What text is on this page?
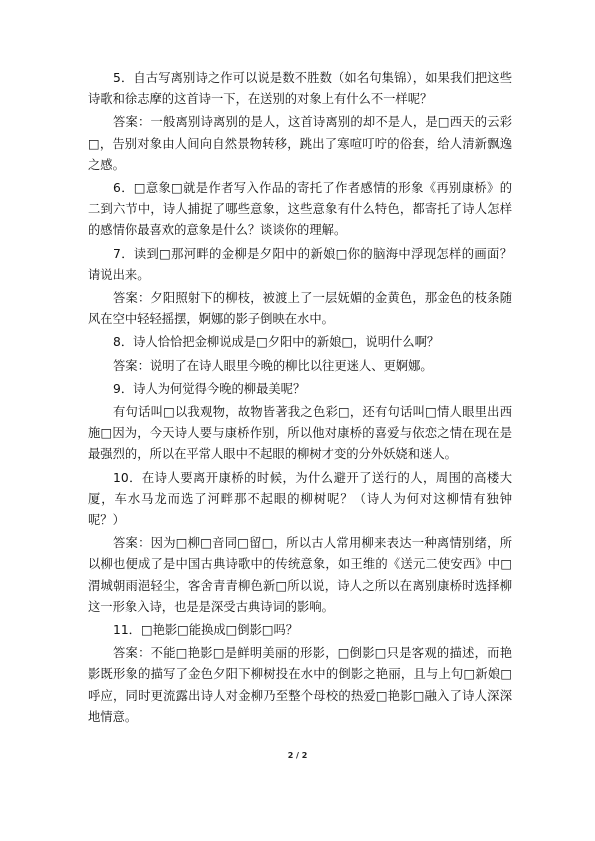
5．自古写离别诗之作可以说是数不胜数（如名句集锦），如果我们把这些诗歌和徐志摩的这首诗一下，在送别的对象上有什么不一样呢？

答案：一般离别诗离别的是人，这首诗离别的却不是人，是□西天的云彩□，告别对象由人间向自然景物转移，跳出了寒喧叮咛的俗套，给人清新飘逸之感。

6．□意象□就是作者写入作品的寄托了作者感情的形象《再别康桥》的二到六节中，诗人捕捉了哪些意象，这些意象有什么特色，都寄托了诗人怎样的感情你最喜欢的意象是什么？谈谈你的理解。

7．读到□那河畔的金柳是夕阳中的新娘□你的脑海中浮现怎样的画面？请说出来。

答案：夕阳照射下的柳枝，被渡上了一层妩媚的金黄色，那金色的枝条随风在空中轻轻摇摆，婀娜的影子倒映在水中。

8．诗人恰恰把金柳说成是□夕阳中的新娘□，说明什么啊？

答案：说明了在诗人眼里今晚的柳比以往更迷人、更婀娜。

9．诗人为何觉得今晚的柳最美呢？

有句话叫□以我观物，故物皆著我之色彩□，还有句话叫□情人眼里出西施□因为，今天诗人要与康桥作别，所以他对康桥的喜爱与依恋之情在现在是最强烈的，所以在平常人眼中不起眼的柳树才变的分外妖娆和迷人。

10．在诗人要离开康桥的时候，为什么避开了送行的人，周围的高楼大厦，车水马龙而选了河畔那不起眼的柳树呢？（诗人为何对这柳情有独钟呢？）

答案：因为□柳□音同□留□，所以古人常用柳来表达一种离情别绪，所以柳也便成了是中国古典诗歌中的传统意象，如王维的《送元二使安西》中□渭城朝雨浥轻尘，客舍青青柳色新□所以说，诗人之所以在离别康桥时选择柳这一形象入诗，也是是深受古典诗词的影响。

11．□艳影□能换成□倒影□吗？

答案：不能□艳影□是鲜明美丽的形影，□倒影□只是客观的描述，而艳影既形象的描写了金色夕阳下柳树投在水中的倒影之艳丽，且与上句□新娘□呼应，同时更流露出诗人对金柳乃至整个母校的热爱□艳影□融入了诗人深深地情意。

2 / 2
